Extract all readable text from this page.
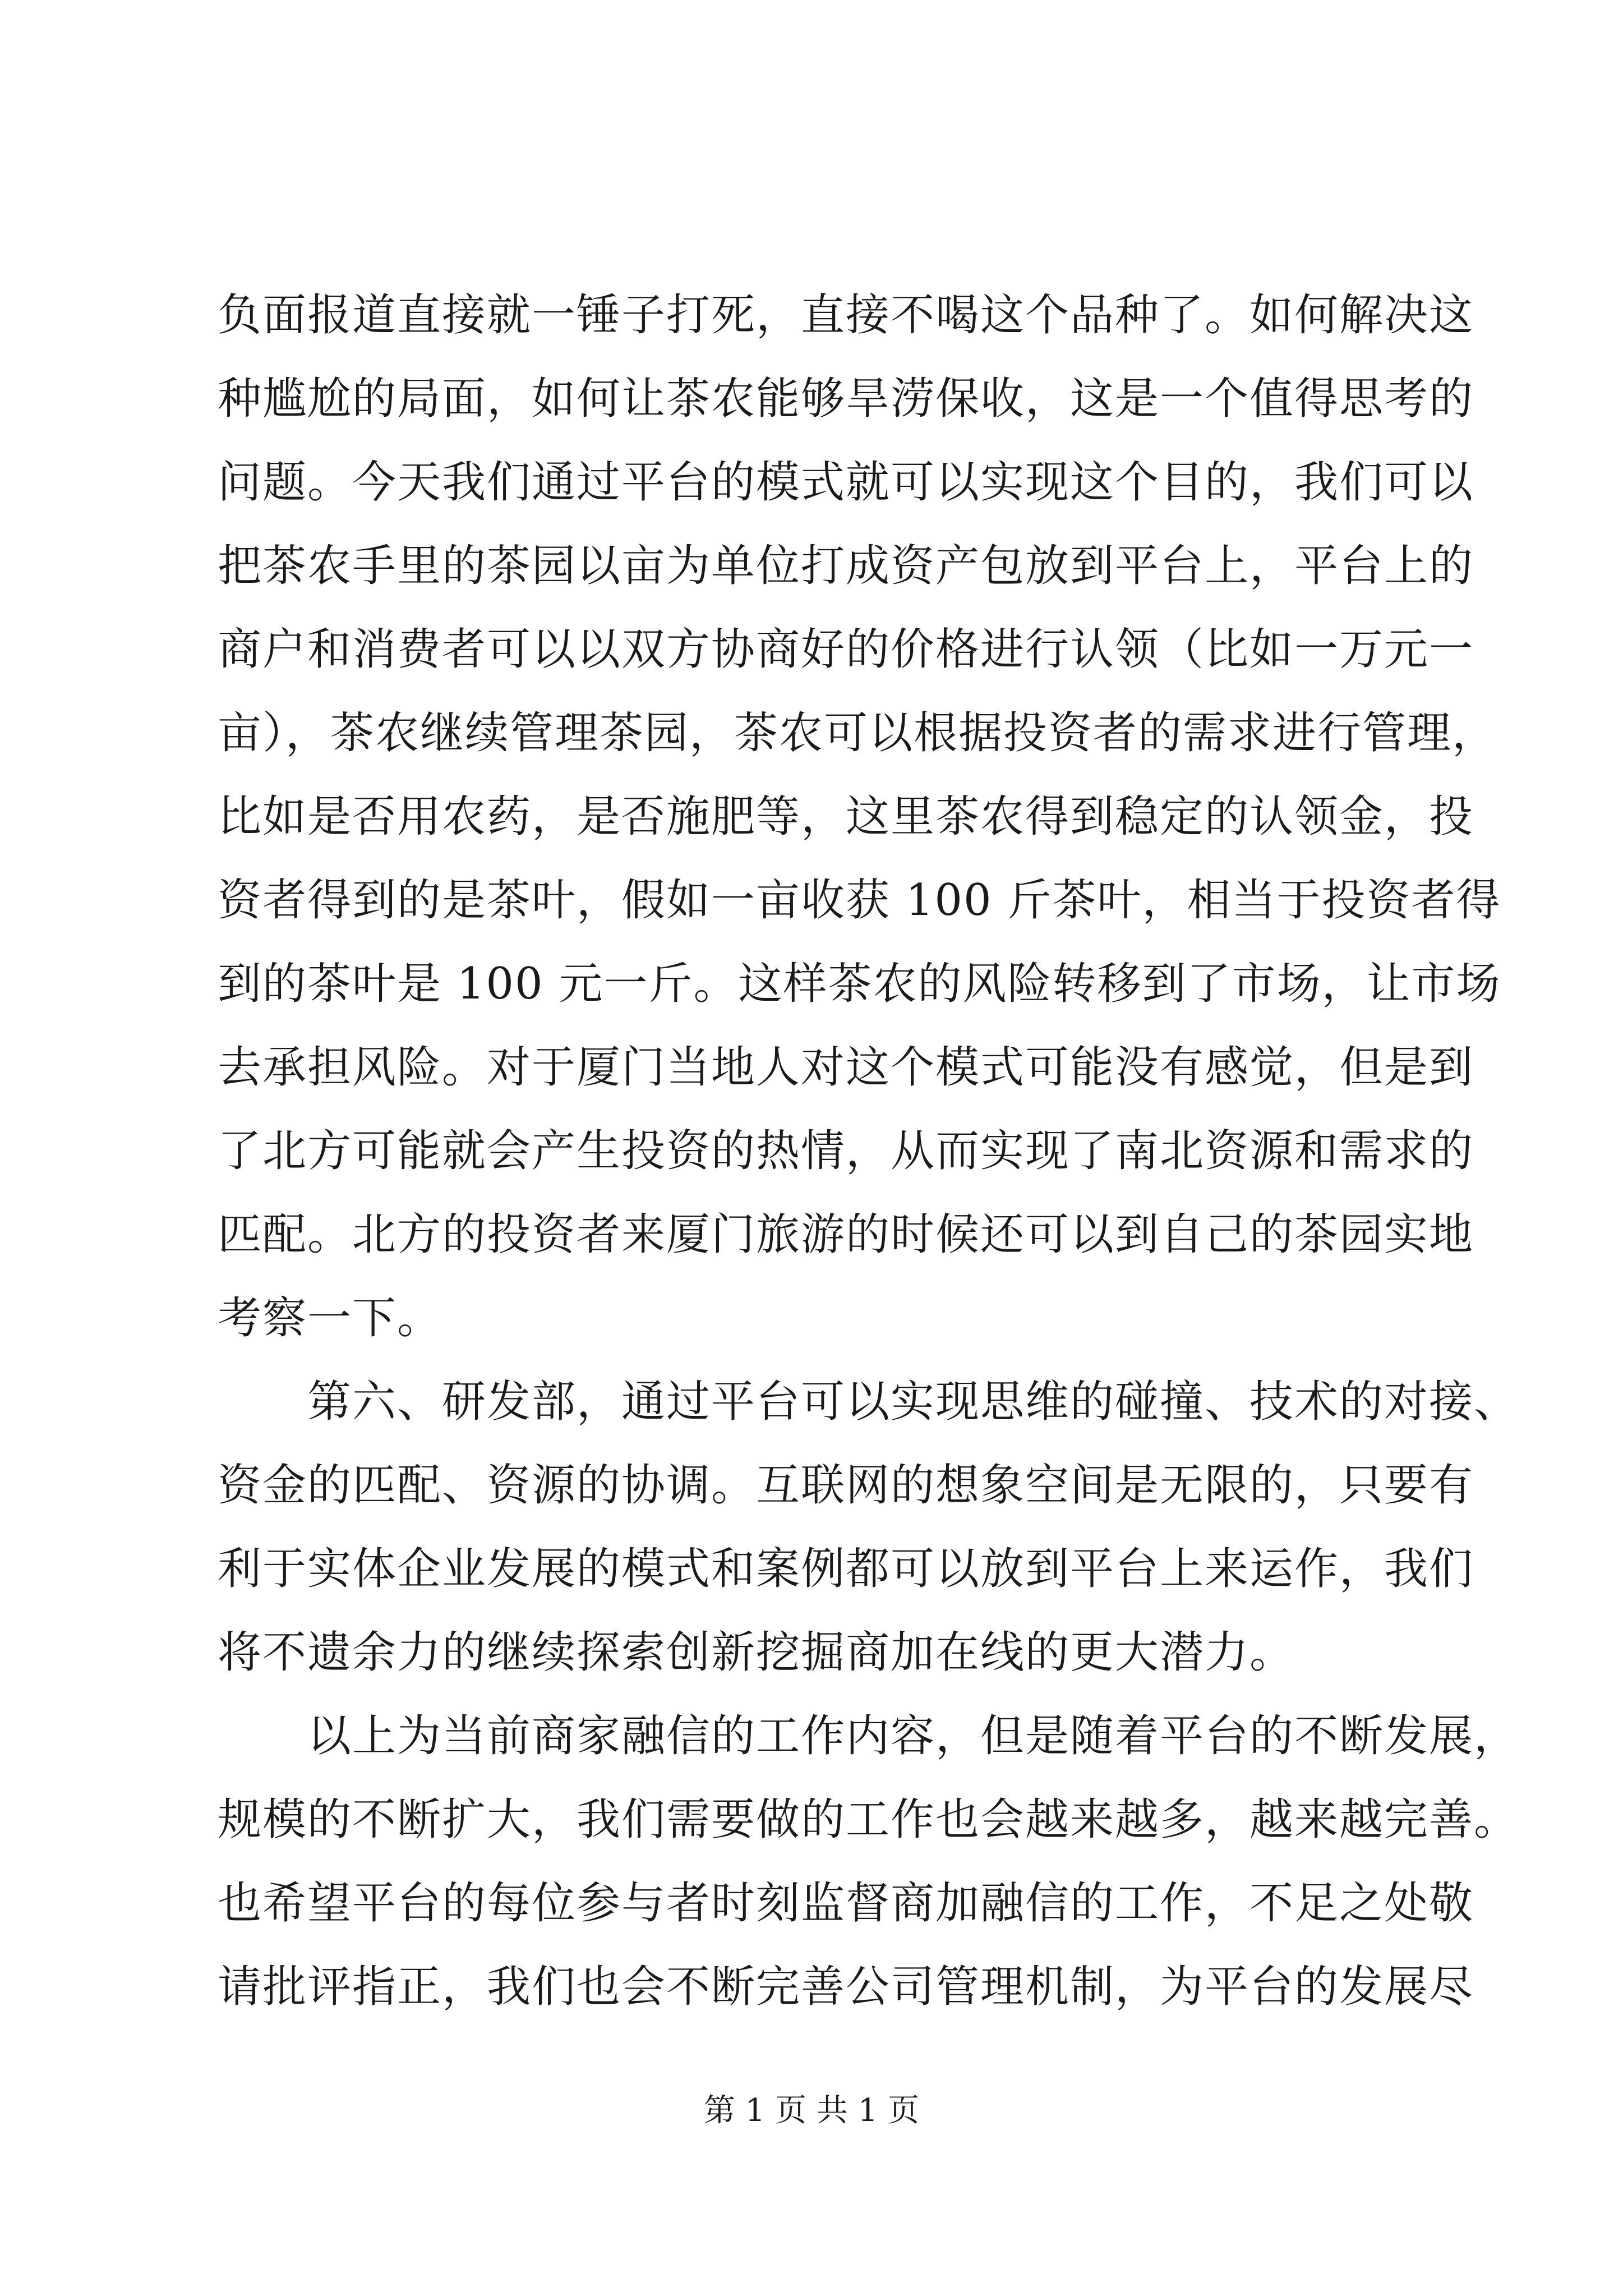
负面报道直接就一锤子打死，直接不喝这个品种了。如何解决这
种尴尬的局面，如何让茶农能够旱涝保收，这是一个值得思考的
问题。今天我们通过平台的模式就可以实现这个目的，我们可以
把茶农手里的茶园以亩为单位打成资产包放到平台上，平台上的
商户和消费者可以以双方协商好的价格进行认领（比如一万元一
亩），茶农继续管理茶园，茶农可以根据投资者的需求进行管理，
比如是否用农药，是否施肥等，这里茶农得到稳定的认领金，投
资者得到的是茶叶，假如一亩收获 100 斤茶叶，相当于投资者得
到的茶叶是 100 元一斤。这样茶农的风险转移到了市场，让市场
去承担风险。对于厦门当地人对这个模式可能没有感觉，但是到
了北方可能就会产生投资的热情，从而实现了南北资源和需求的
匹配。北方的投资者来厦门旅游的时候还可以到自己的茶园实地
考察一下。
第六、研发部，通过平台可以实现思维的碰撞、技术的对接、
资金的匹配、资源的协调。互联网的想象空间是无限的，只要有
利于实体企业发展的模式和案例都可以放到平台上来运作，我们
将不遗余力的继续探索创新挖掘商加在线的更大潜力。
以上为当前商家融信的工作内容，但是随着平台的不断发展，
规模的不断扩大，我们需要做的工作也会越来越多，越来越完善。
也希望平台的每位参与者时刻监督商加融信的工作，不足之处敬
请批评指正，我们也会不断完善公司管理机制，为平台的发展尽
第 1 页 共 1 页
